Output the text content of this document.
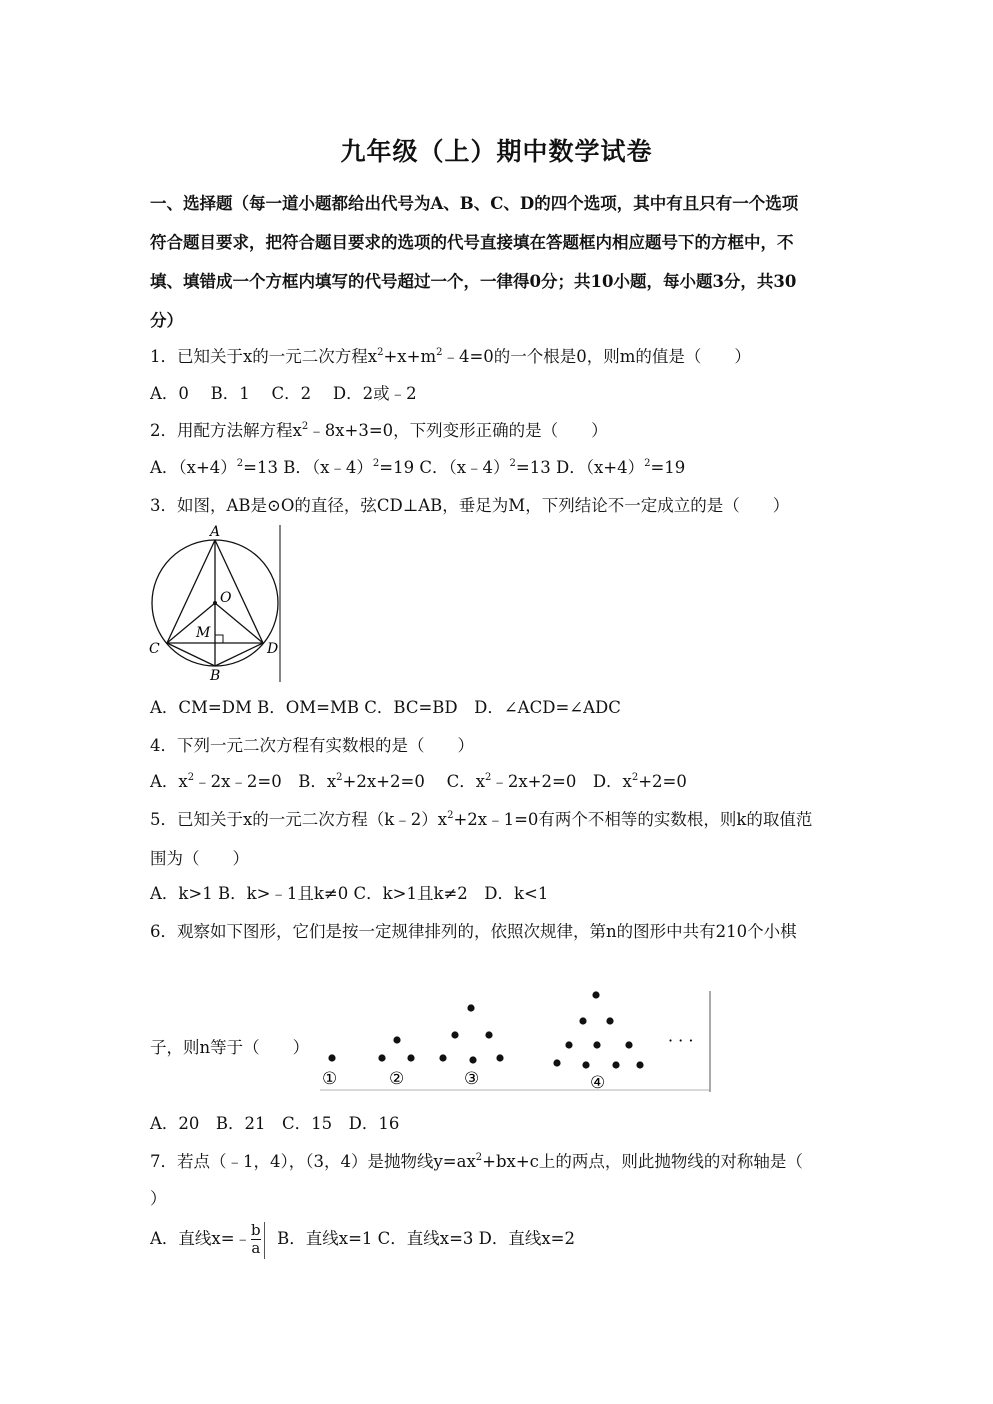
九年级（上）期中数学试卷
一、选择题（每一道小题都给出代号为A、B、C、D的四个选项，其中有且只有一个选项
符合题目要求，把符合题目要求的选项的代号直接填在答题框内相应题号下的方框中，不
填、填错成一个方框内填写的代号超过一个，一律得0分；共10小题，每小题3分，共30
分）
1．已知关于x的一元二次方程$x^2+x+m^2﹣4=0$的一个根是0，则m的值是（　　）
A．0　 B．1　 C．2　 D．2或﹣2
2．用配方法解方程$x^2﹣8x+3=0$，下列变形正确的是（　　）
A．$(x+4)^2=13$ B．（x﹣4）$^2$=19 C．（x﹣4）$^2$=13 D．$(x+4)^2=19$
3．如图，AB是⊙O的直径，弦CD⊥AB，垂足为M，下列结论不一定成立的是（　　）
A
B
C	D
O
M
A．CM=DM B．OM=MB C．BC=BD　D．∠ACD=∠ADC
4．下列一元二次方程有实数根的是（　　）
A．$x^2﹣2x﹣2=0$　B．$x^2+2x+2=0$　 C．$x^2﹣2x+2=0$　D．$x^2+2=0$
5．已知关于x的一元二次方程$(k﹣2)x^2+2x﹣1=0$有两个不相等的实数根，则k的取值范
围为（　　）
A．k>1 B．k>﹣1且k≠0 C．k>1且k≠2　D．k<1
6．观察如下图形，它们是按一定规律排列的，依照次规律，第n的图形中共有210个小棋
子，则n等于（　　）
①	②	③	④
· · ·
A．20　B．21　C．15　D．16
7．若点（﹣1，4），（3，4）是抛物线$y=ax^2+bx+c$上的两点，则此抛物线的对称轴是（
）
A．直线x=﹣ $\frac{b}{a}$
　 B．直线x=1 C．直线x=3 D．直线x=2
